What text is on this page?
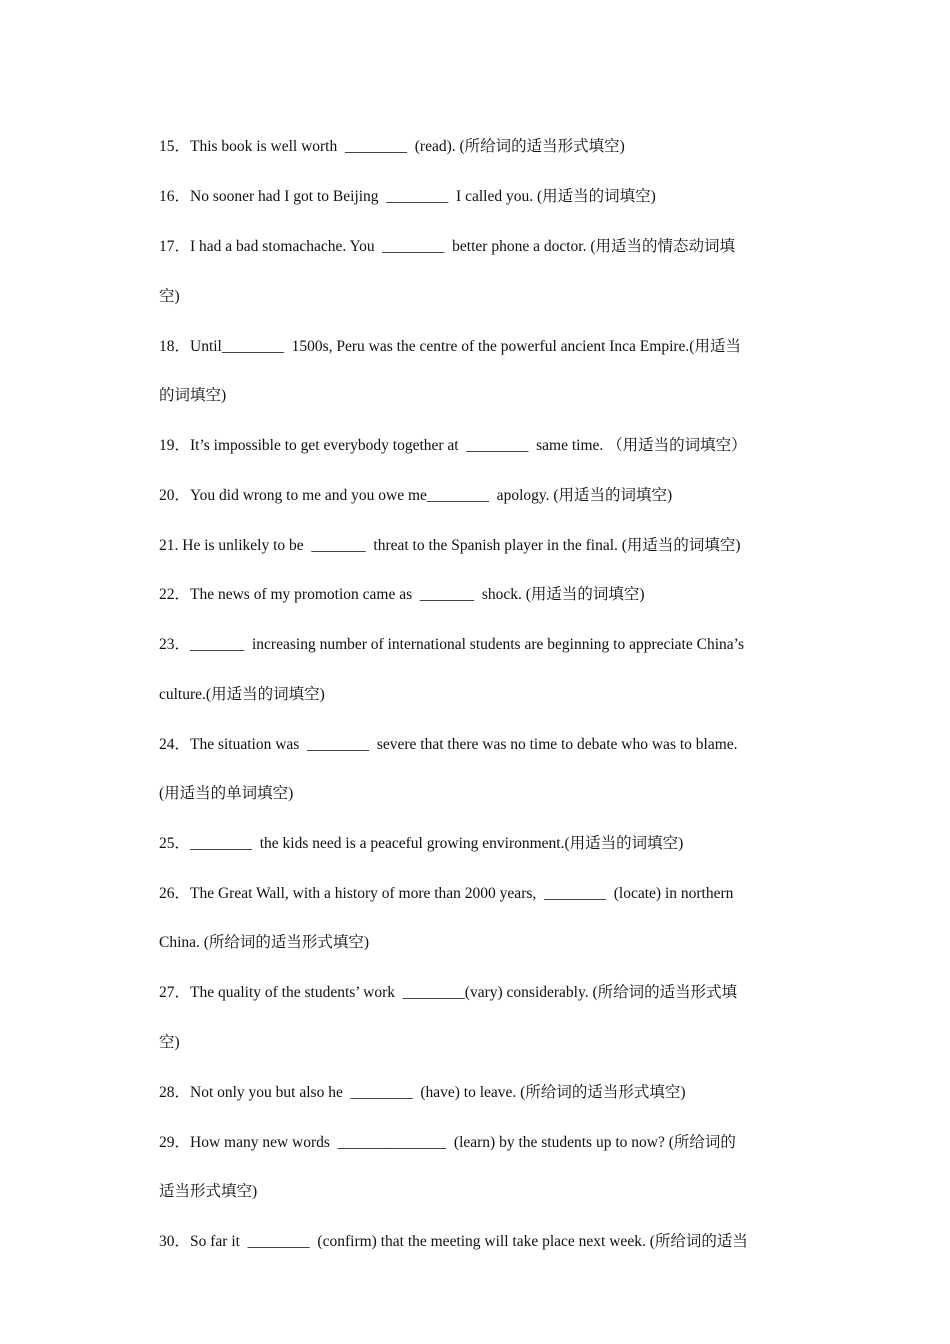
15．This book is well worth  ________  (read). (所给词的适当形式填空)
16．No sooner had I got to Beijing  ________  I called you. (用适当的词填空)
17．I had a bad stomachache. You  ________  better phone a doctor. (用适当的情态动词填
空)
18．Until________  1500s, Peru was the centre of the powerful ancient Inca Empire.(用适当
的词填空)
19．It’s impossible to get everybody together at  ________  same time. （用适当的词填空）
20．You did wrong to me and you owe me________  apology. (用适当的词填空)
21. He is unlikely to be  _______  threat to the Spanish player in the final. (用适当的词填空)
22．The news of my promotion came as  _______  shock. (用适当的词填空)
23．_______  increasing number of international students are beginning to appreciate China’s
culture.(用适当的词填空)
24．The situation was  ________  severe that there was no time to debate who was to blame.
(用适当的单词填空)
25．________  the kids need is a peaceful growing environment.(用适当的词填空)
26．The Great Wall, with a history of more than 2000 years,  ________  (locate) in northern
China. (所给词的适当形式填空)
27．The quality of the students’ work  ________(vary) considerably. (所给词的适当形式填
空)
28．Not only you but also he  ________  (have) to leave. (所给词的适当形式填空)
29．How many new words  ______________  (learn) by the students up to now? (所给词的
适当形式填空)
30．So far it  ________  (confirm) that the meeting will take place next week. (所给词的适当
